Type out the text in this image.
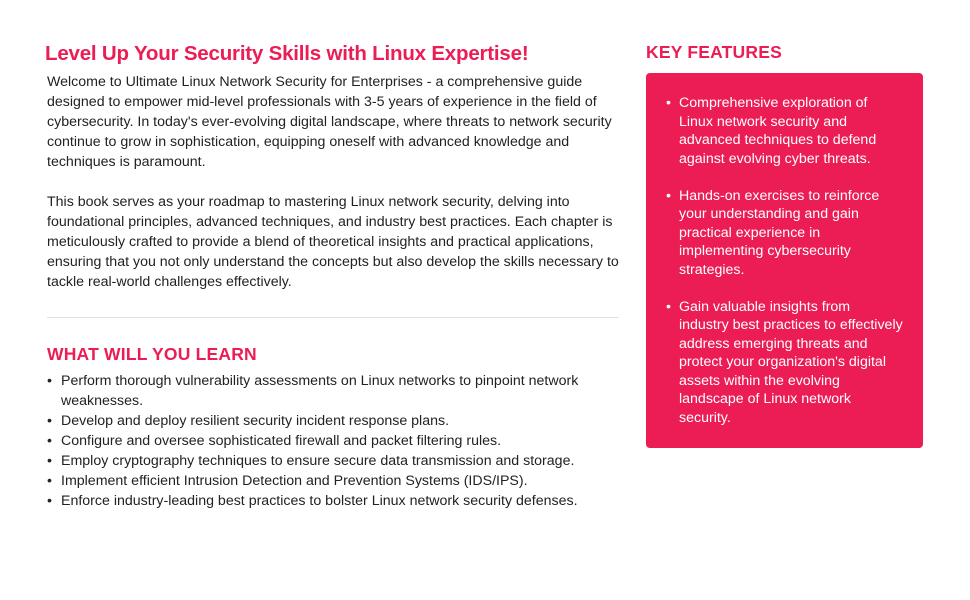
Level Up Your Security Skills with Linux Expertise!

Welcome to Ultimate Linux Network Security for Enterprises - a comprehensive guide designed to empower mid-level professionals with 3-5 years of experience in the field of cybersecurity. In today's ever-evolving digital landscape, where threats to network security continue to grow in sophistication, equipping oneself with advanced knowledge and techniques is paramount.

This book serves as your roadmap to mastering Linux network security, delving into foundational principles, advanced techniques, and industry best practices. Each chapter is meticulously crafted to provide a blend of theoretical insights and practical applications, ensuring that you not only understand the concepts but also develop the skills necessary to tackle real-world challenges effectively.

WHAT WILL YOU LEARN
• Perform thorough vulnerability assessments on Linux networks to pinpoint network weaknesses.
• Develop and deploy resilient security incident response plans.
• Configure and oversee sophisticated firewall and packet filtering rules.
• Employ cryptography techniques to ensure secure data transmission and storage.
• Implement efficient Intrusion Detection and Prevention Systems (IDS/IPS).
• Enforce industry-leading best practices to bolster Linux network security defenses.
KEY FEATURES
• Comprehensive exploration of Linux network security and advanced techniques to defend against evolving cyber threats.
• Hands-on exercises to reinforce your understanding and gain practical experience in implementing cybersecurity strategies.
• Gain valuable insights from industry best practices to effectively address emerging threats and protect your organization's digital assets within the evolving landscape of Linux network security.
